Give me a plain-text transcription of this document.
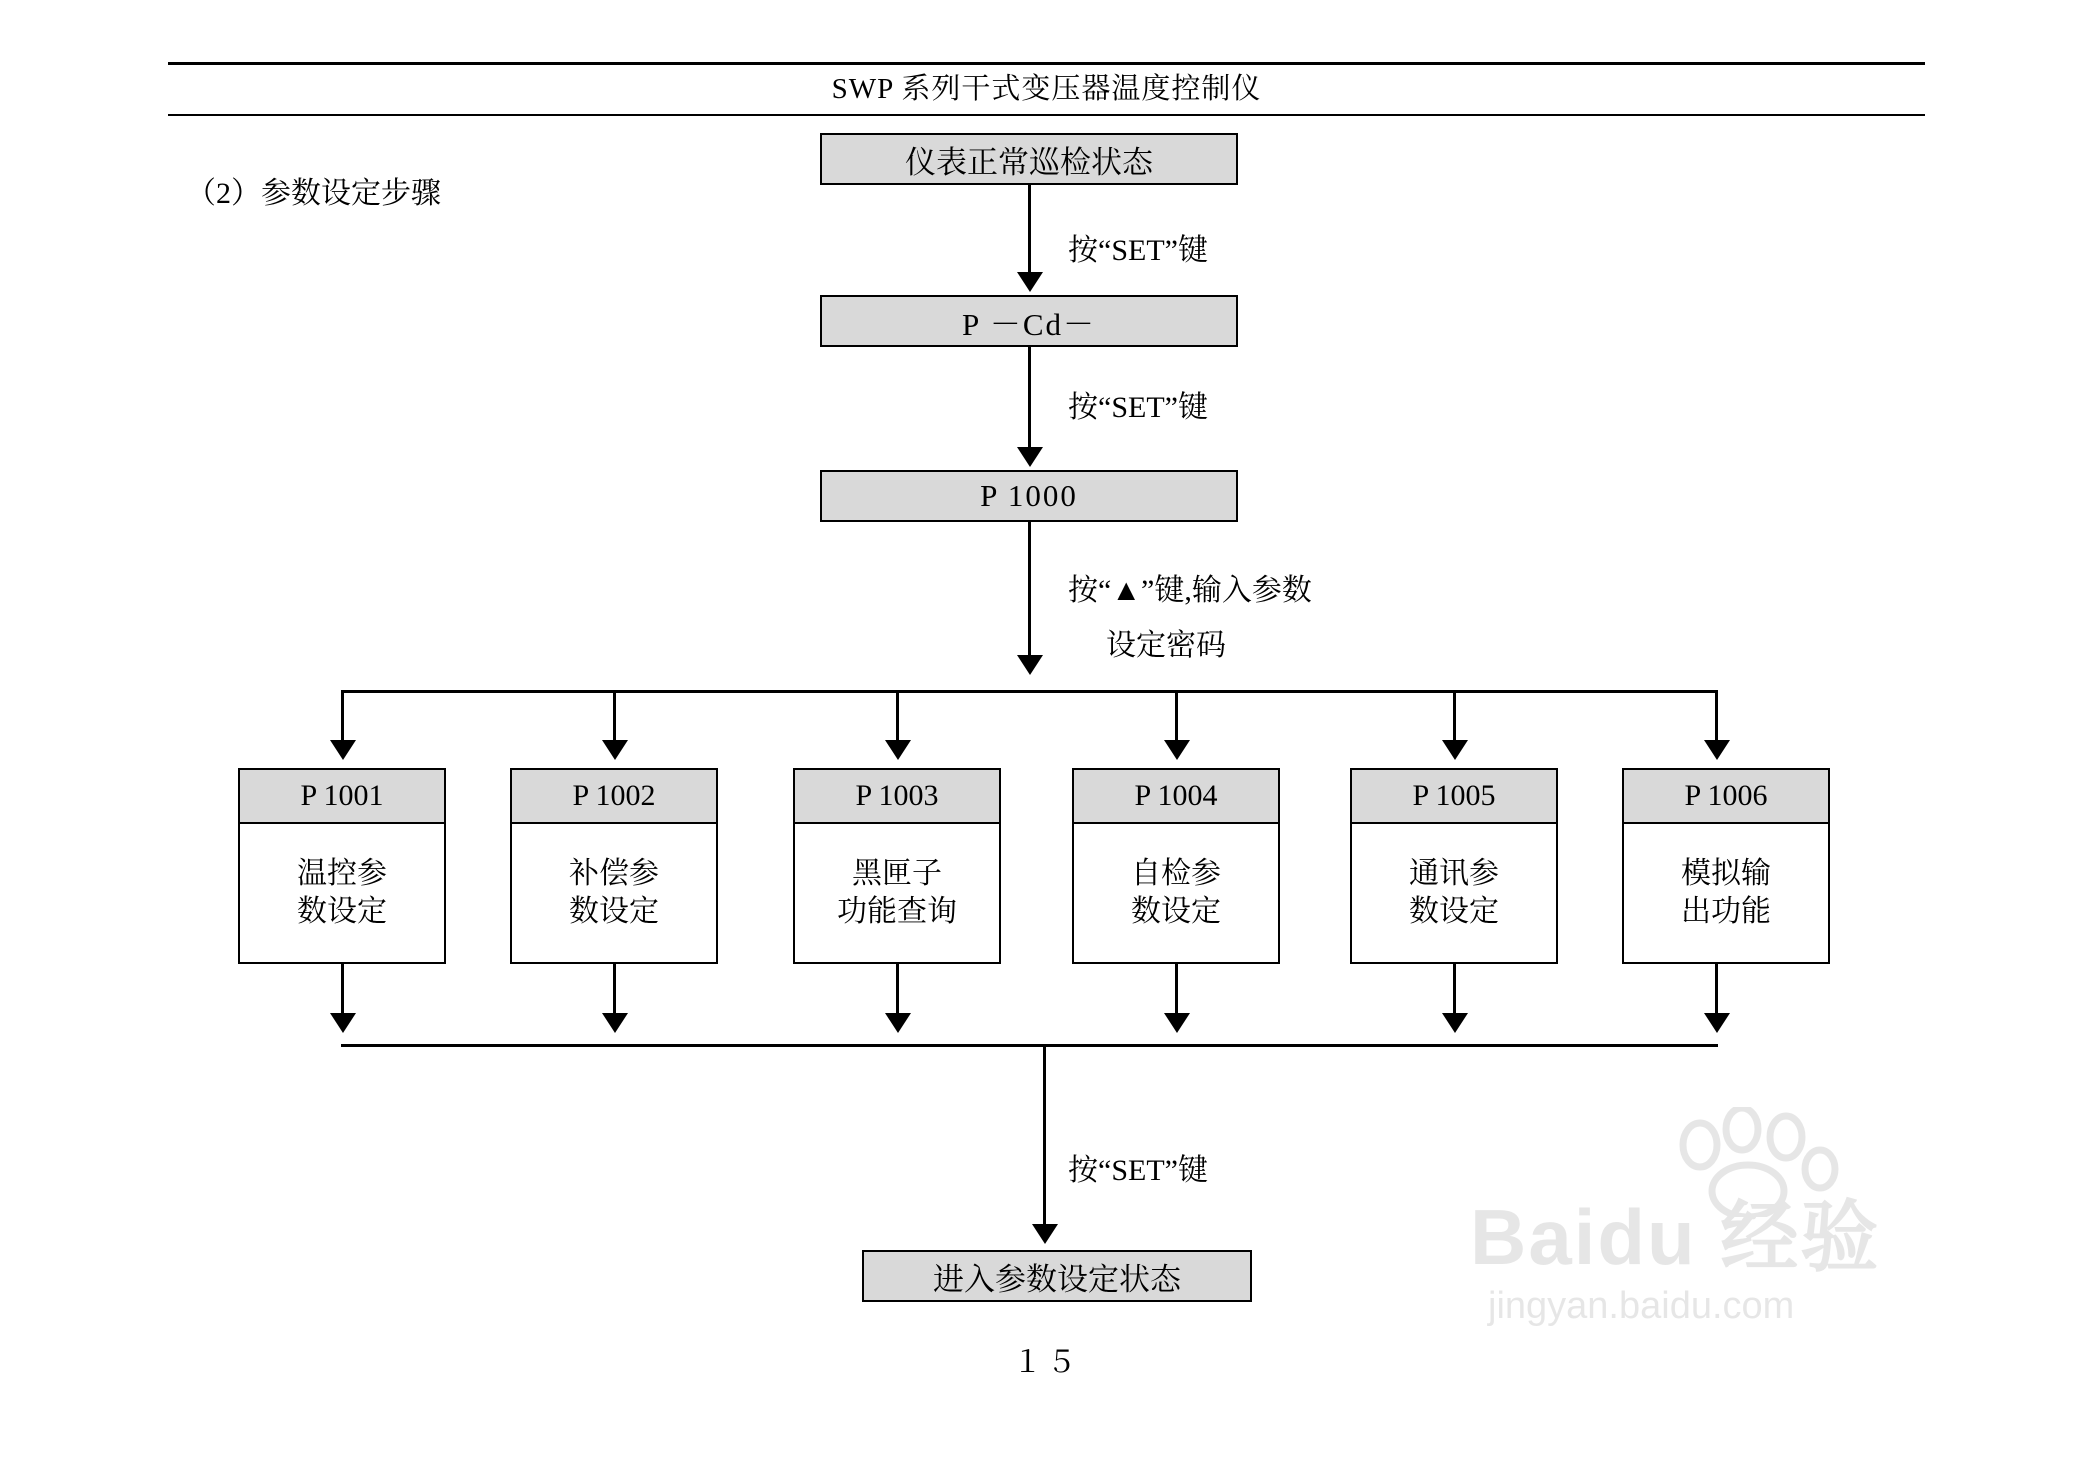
SWP 系列干式变压器温度控制仪
（2）参数设定步骤
仪表正常巡检状态
按“SET”键
P －Cd－
按“SET”键
P 1000
按“▲”键,输入参数
设定密码
P 1001
温控参
数设定
P 1002
补偿参
数设定
P 1003
黑匣子
功能查询
P 1004
自检参
数设定
P 1005
通讯参
数设定
P 1006
模拟输
出功能
按“SET”键
进入参数设定状态
１５
Baidu 经验
jingyan.baidu.com
